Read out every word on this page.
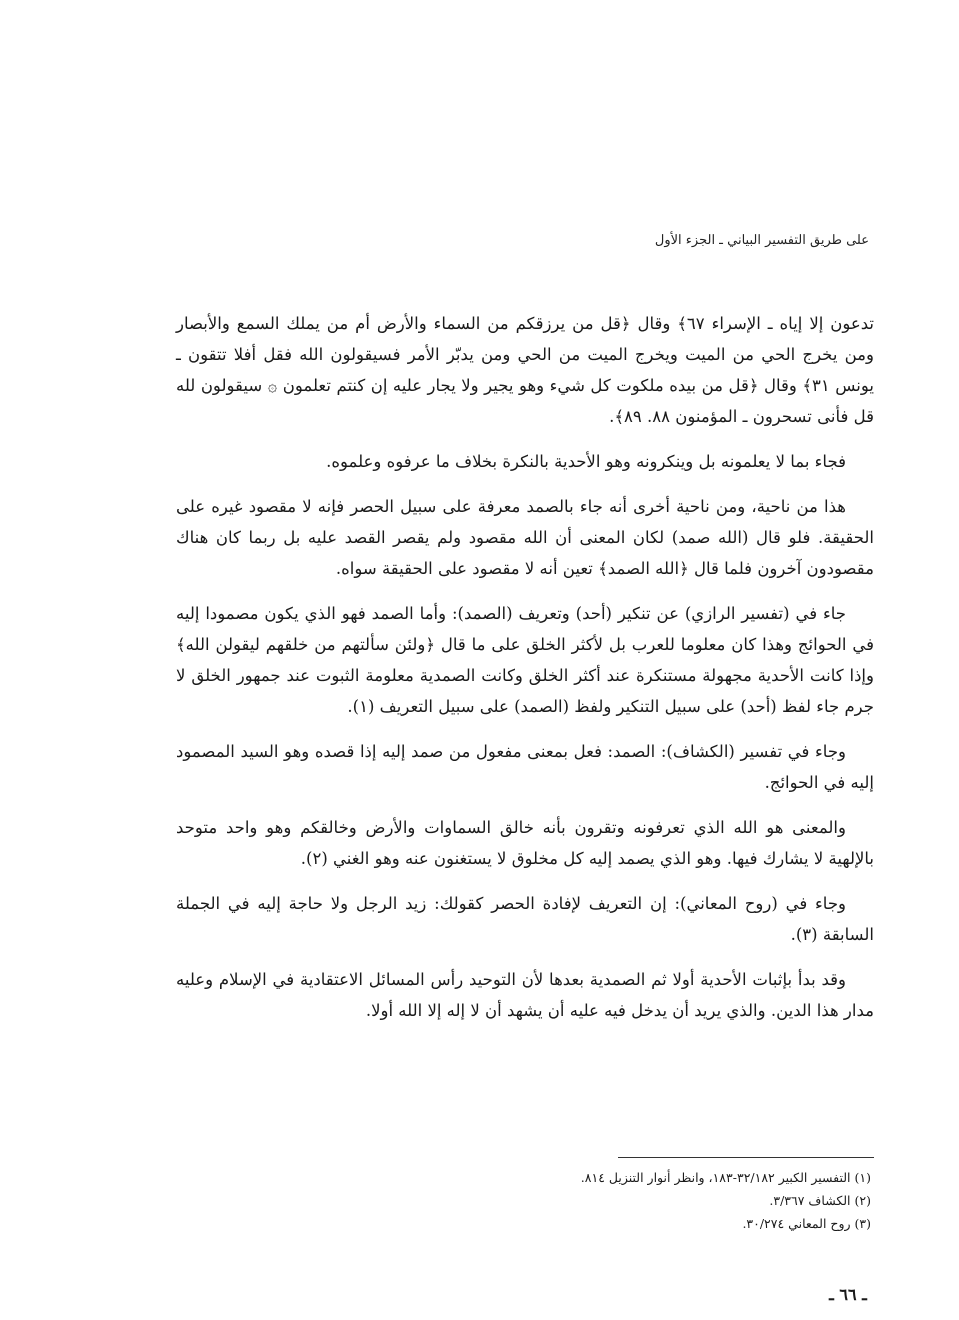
على طريق التفسير البياني ـ الجزء الأول

تدعون إلا إياه ـ الإسراء ٦٧﴾ وقال ﴿قل من يرزقكم من السماء والأرض أم من يملك السمع والأبصار ومن يخرج الحي من الميت ويخرج الميت من الحي ومن يدبّر الأمر فسيقولون الله فقل أفلا تتقون ـ يونس ٣١﴾ وقال ﴿قل من بيده ملكوت كل شيء وهو يجير ولا يجار عليه إن كنتم تعلمون ۞ سيقولون لله قل فأنى تسحرون ـ المؤمنون ٨٨. ٨٩﴾.

فجاء بما لا يعلمونه بل وينكرونه وهو الأحدية بالنكرة بخلاف ما عرفوه وعلموه.

هذا من ناحية، ومن ناحية أخرى أنه جاء بالصمد معرفة على سبيل الحصر فإنه لا مقصود غيره على الحقيقة. فلو قال (الله صمد) لكان المعنى أن الله مقصود ولم يقصر القصد عليه بل ربما كان هناك مقصودون آخرون فلما قال ﴿الله الصمد﴾ تعين أنه لا مقصود على الحقيقة سواه.

جاء في (تفسير الرازي) عن تنكير (أحد) وتعريف (الصمد): وأما الصمد فهو الذي يكون مصمودا إليه في الحوائج وهذا كان معلوما للعرب بل لأكثر الخلق على ما قال ﴿ولئن سألتهم من خلقهم ليقولن الله﴾ وإذا كانت الأحدية مجهولة مستنكرة عند أكثر الخلق وكانت الصمدية معلومة الثبوت عند جمهور الخلق لا جرم جاء لفظ (أحد) على سبيل التنكير ولفظ (الصمد) على سبيل التعريف (١).

وجاء في تفسير (الكشاف): الصمد: فعل بمعنى مفعول من صمد إليه إذا قصده وهو السيد المصمود إليه في الحوائج.

والمعنى هو الله الذي تعرفونه وتقرون بأنه خالق السماوات والأرض وخالقكم وهو واحد متوحد بالإلهية لا يشارك فيها. وهو الذي يصمد إليه كل مخلوق لا يستغنون عنه وهو الغني (٢).

وجاء في (روح المعاني): إن التعريف لإفادة الحصر كقولك: زيد الرجل ولا حاجة إليه في الجملة السابقة (٣).

وقد بدأ بإثبات الأحدية أولا ثم الصمدية بعدها لأن التوحيد رأس المسائل الاعتقادية في الإسلام وعليه مدار هذا الدين. والذي يريد أن يدخل فيه عليه أن يشهد أن لا إله إلا الله أولا.

(١) التفسير الكبير ٣٢/١٨٢-١٨٣، وانظر أنوار التنزيل ٨١٤.
(٢) الكشاف ٣/٣٦٧.
(٣) روح المعاني ٣٠/٢٧٤.
ـ ٦٦ ـ
